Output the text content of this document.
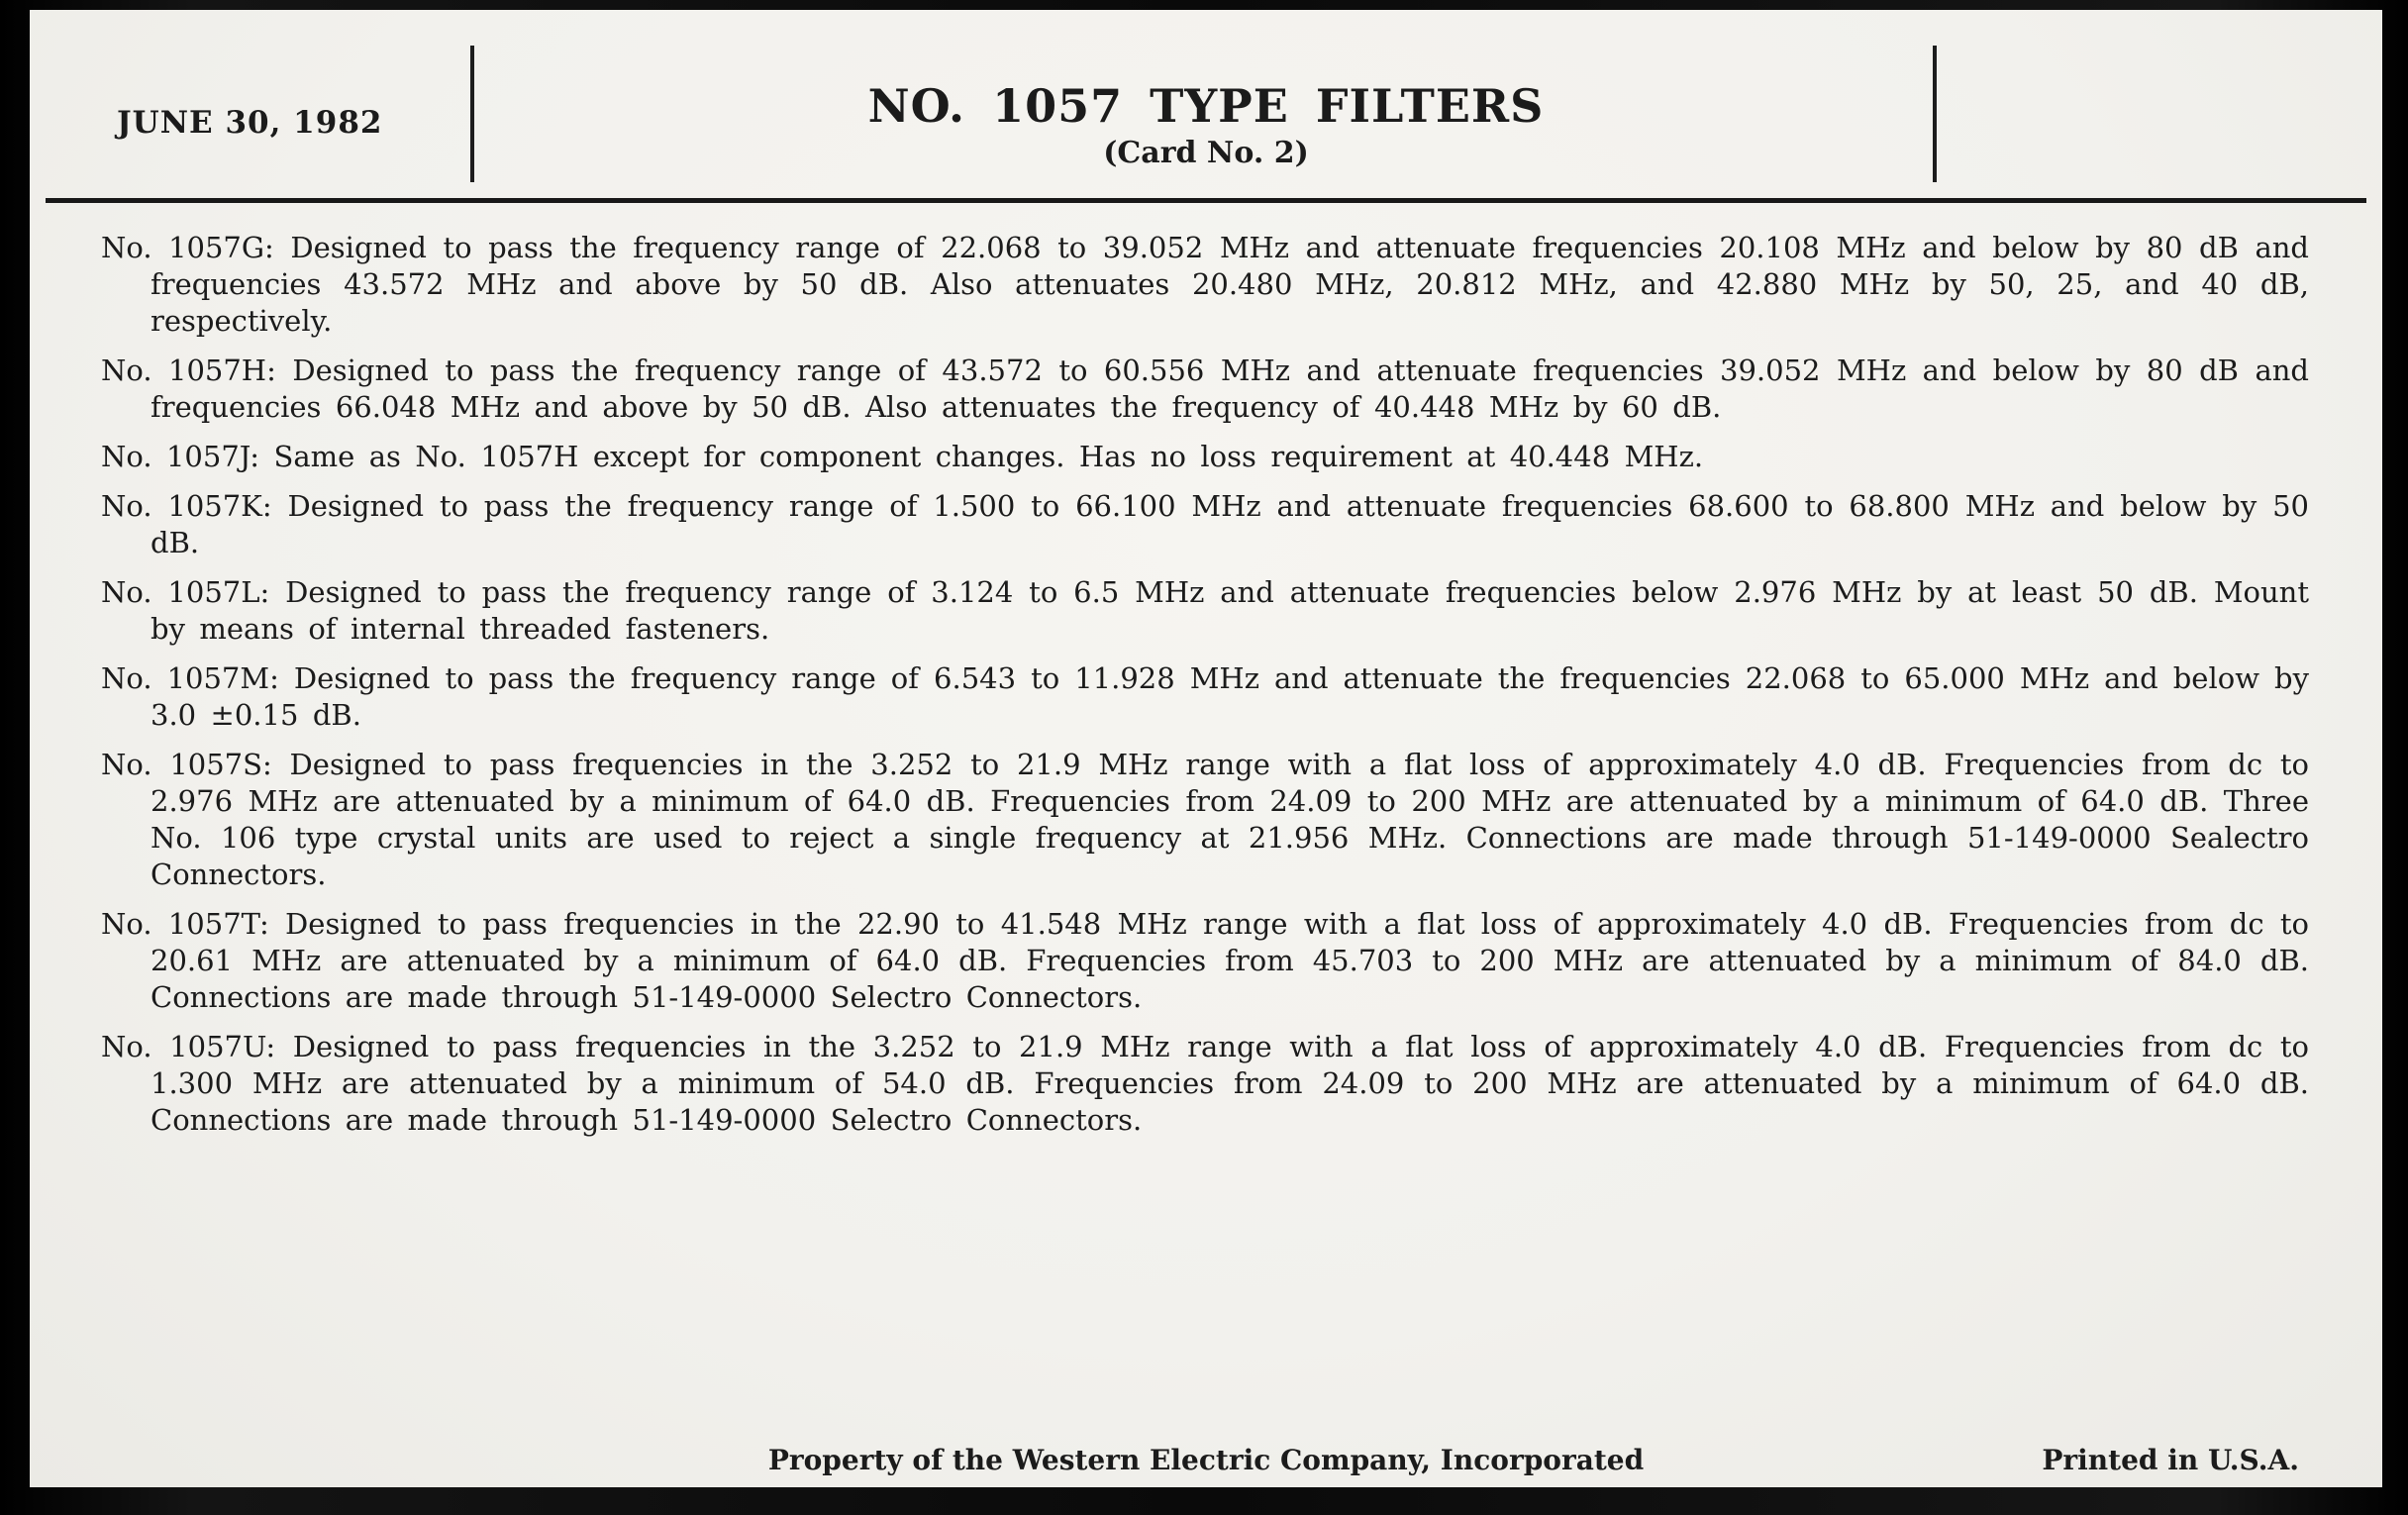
JUNE 30, 1982	NO. 1057 TYPE FILTERS
(Card No. 2)

No. 1057G: Designed to pass the frequency range of 22.068 to 39.052 MHz and attenuate frequencies 20.108 MHz and below by 80 dB and frequencies 43.572 MHz and above by 50 dB. Also attenuates 20.480 MHz, 20.812 MHz, and 42.880 MHz by 50, 25, and 40 dB, respectively.

No. 1057H: Designed to pass the frequency range of 43.572 to 60.556 MHz and attenuate frequencies 39.052 MHz and below by 80 dB and frequencies 66.048 MHz and above by 50 dB. Also attenuates the frequency of 40.448 MHz by 60 dB.

No. 1057J: Same as No. 1057H except for component changes. Has no loss requirement at 40.448 MHz.

No. 1057K: Designed to pass the frequency range of 1.500 to 66.100 MHz and attenuate frequencies 68.600 to 68.800 MHz and below by 50 dB.

No. 1057L: Designed to pass the frequency range of 3.124 to 6.5 MHz and attenuate frequencies below 2.976 MHz by at least 50 dB. Mount by means of internal threaded fasteners.

No. 1057M: Designed to pass the frequency range of 6.543 to 11.928 MHz and attenuate the frequencies 22.068 to 65.000 MHz and below by 3.0 ±0.15 dB.

No. 1057S: Designed to pass frequencies in the 3.252 to 21.9 MHz range with a flat loss of approximately 4.0 dB. Frequencies from dc to 2.976 MHz are attenuated by a minimum of 64.0 dB. Frequencies from 24.09 to 200 MHz are attenuated by a minimum of 64.0 dB. Three No. 106 type crystal units are used to reject a single frequency at 21.956 MHz. Connections are made through 51-149-0000 Sealectro Connectors.

No. 1057T: Designed to pass frequencies in the 22.90 to 41.548 MHz range with a flat loss of approximately 4.0 dB. Frequencies from dc to 20.61 MHz are attenuated by a minimum of 64.0 dB. Frequencies from 45.703 to 200 MHz are attenuated by a minimum of 84.0 dB. Connections are made through 51-149-0000 Selectro Connectors.

No. 1057U: Designed to pass frequencies in the 3.252 to 21.9 MHz range with a flat loss of approximately 4.0 dB. Frequencies from dc to 1.300 MHz are attenuated by a minimum of 54.0 dB. Frequencies from 24.09 to 200 MHz are attenuated by a minimum of 64.0 dB. Connections are made through 51-149-0000 Selectro Connectors.

Property of the Western Electric Company, Incorporated	Printed in U.S.A.
